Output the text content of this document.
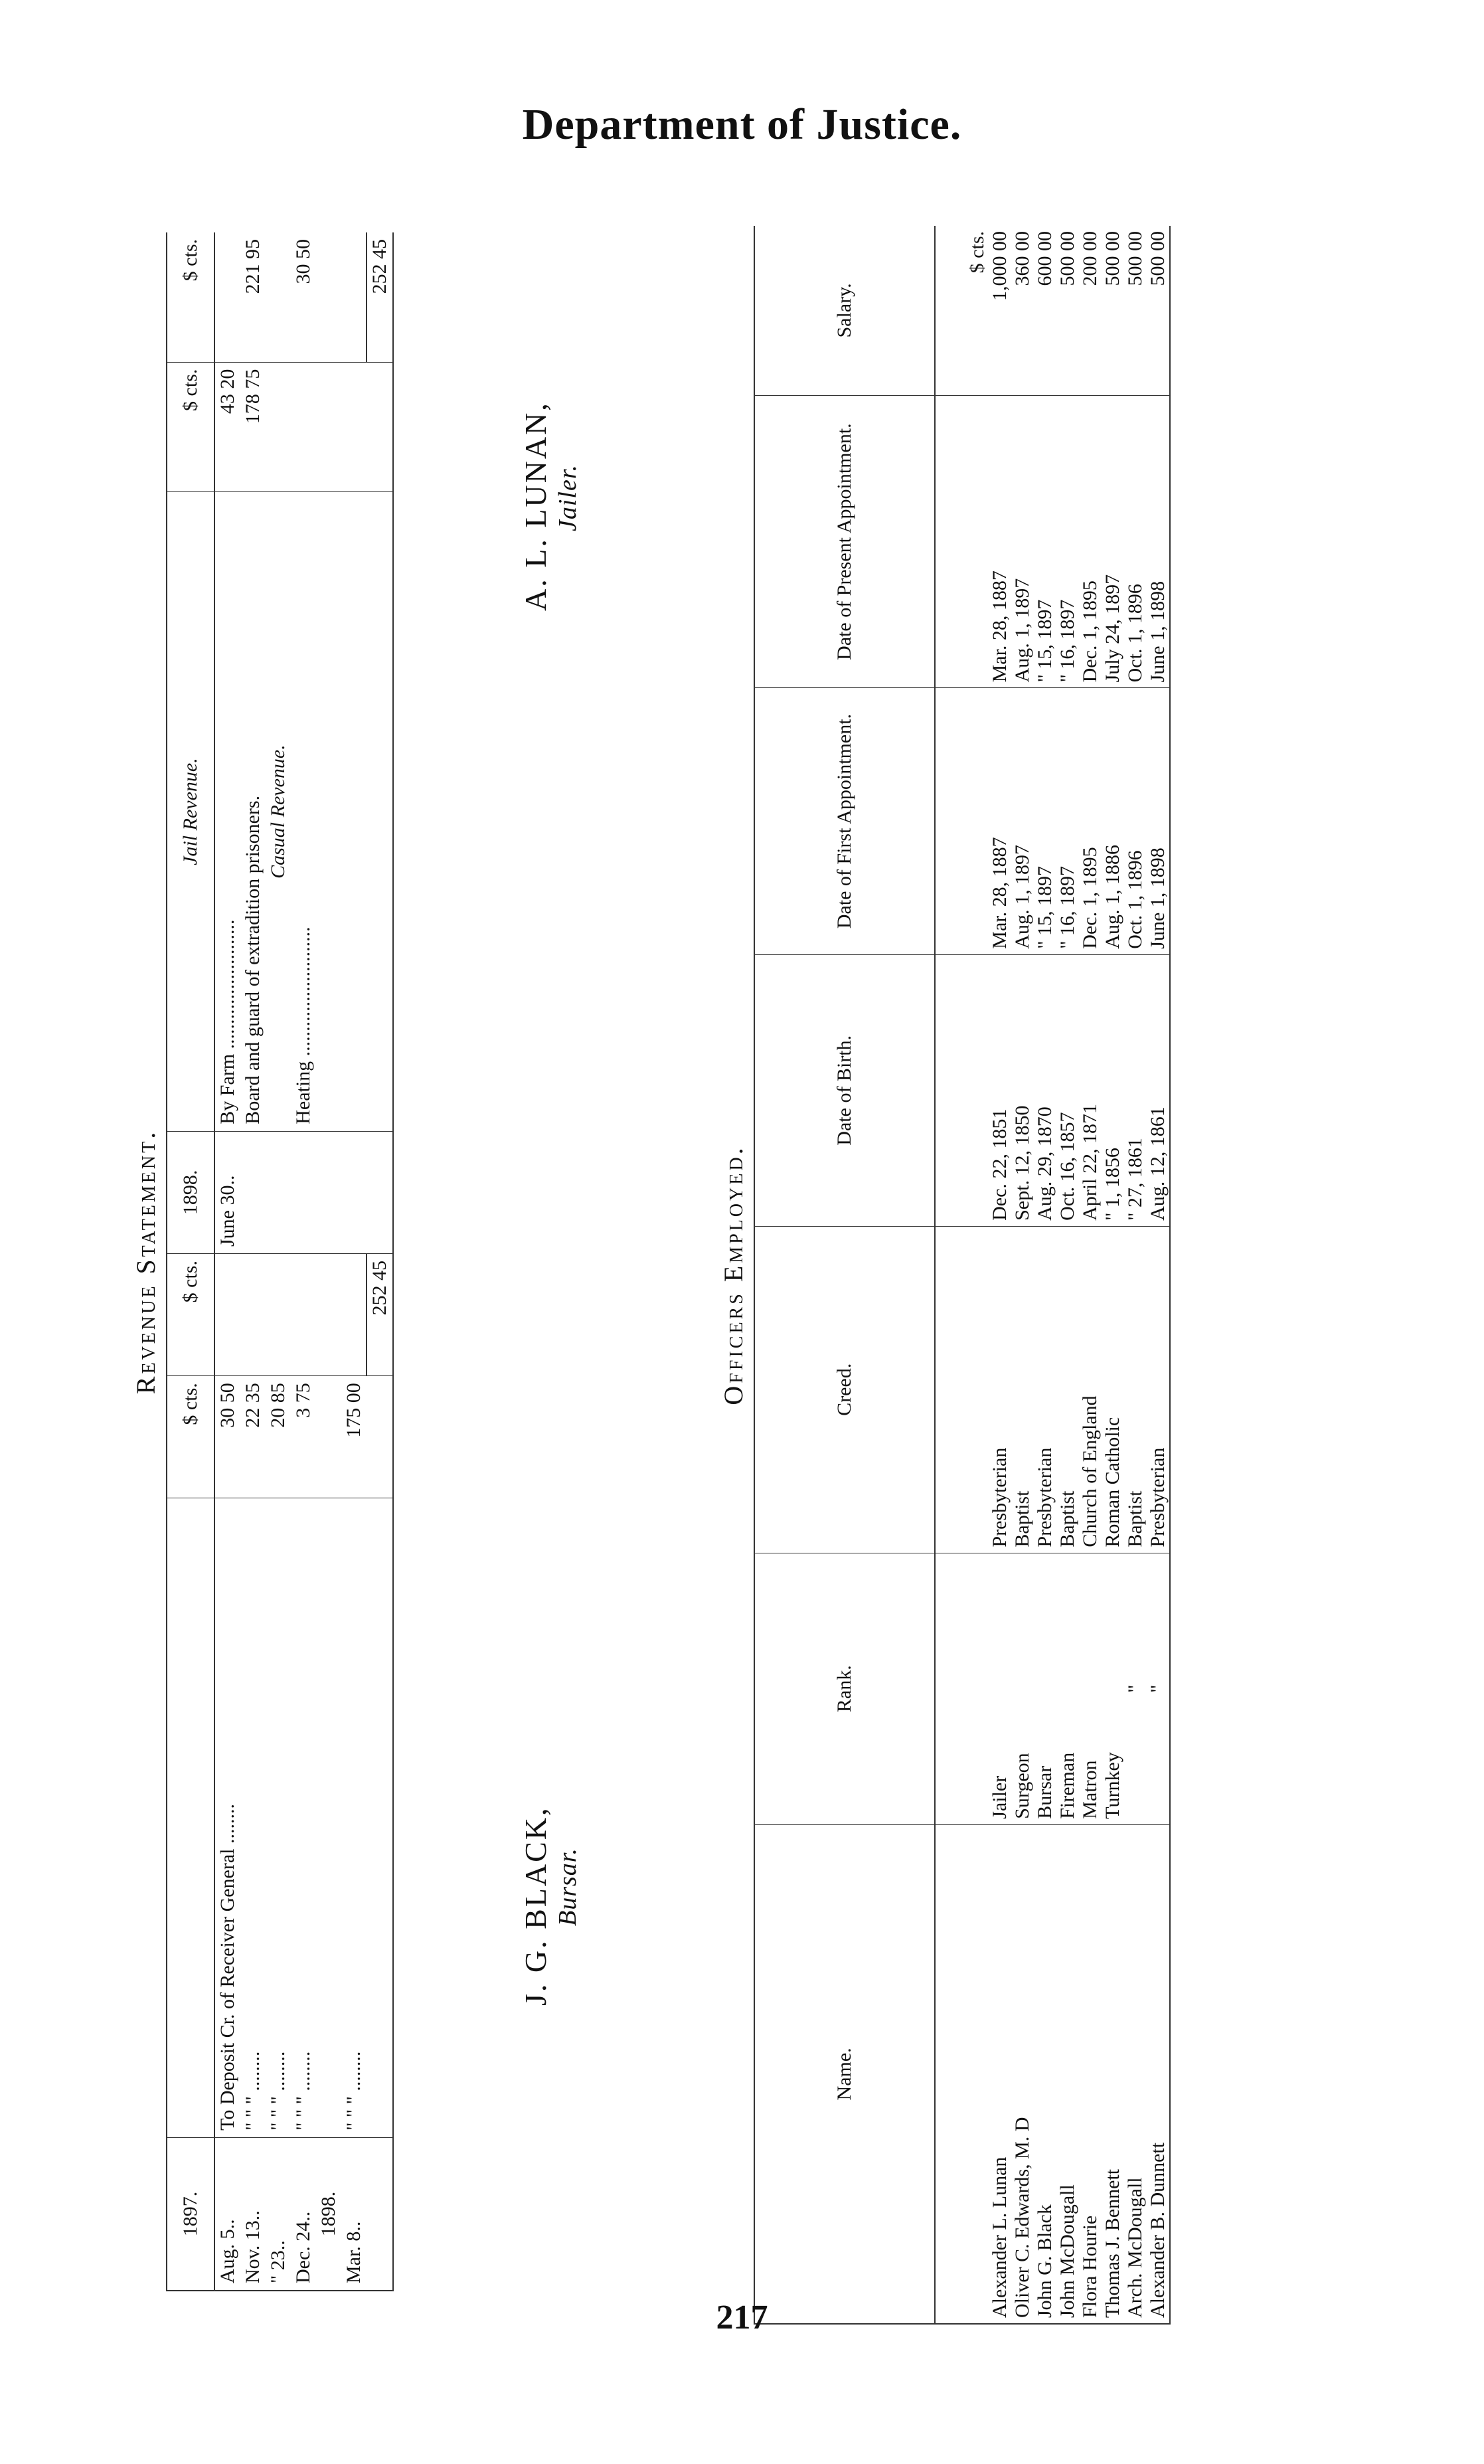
Department of Justice.
Revenue Statement.
1897.		$ cts.	$ cts.	1898.	Jail Revenue.	$ cts.	$ cts.
Aug. 5..	To Deposit Cr. of Receiver General ........	30 50		June 30..	By Farm ..........................	43 20	
Nov. 13..	" " " ........	22 35			Board and guard of extradition prisoners.	178 75	221 95
" 23..	" " " ........	20 85			Casual Revenue.		
Dec. 24..	" " " ........	3 75			Heating ..........................		30 50
1898.							
Mar. 8..	" " " ........	175 00					
			252 45				252 45
J. G. BLACK, Bursar.
A. L. LUNAN, Jailer.
Officers Employed.
Name.	Rank.	Creed.	Date of Birth.	Date of First Appointment.	Date of Present Appointment.	Salary.
						$ cts.
Alexander L. Lunan	Jailer	Presbyterian	Dec. 22, 1851	Mar. 28, 1887	Mar. 28, 1887	1,000 00
Oliver C. Edwards, M. D	Surgeon	Baptist	Sept. 12, 1850	Aug. 1, 1897	Aug. 1, 1897	360 00
John G. Black	Bursar	Presbyterian	Aug. 29, 1870	" 15, 1897	" 15, 1897	600 00
John McDougall	Fireman	Baptist	Oct. 16, 1857	" 16, 1897	" 16, 1897	500 00
Flora Hourie	Matron	Church of England	April 22, 1871	Dec. 1, 1895	Dec. 1, 1895	200 00
Thomas J. Bennett	Turnkey	Roman Catholic	" 1, 1856	Aug. 1, 1886	July 24, 1897	500 00
Arch. McDougall	"	Baptist	" 27, 1861	Oct. 1, 1896	Oct. 1, 1896	500 00
Alexander B. Dunnett	"	Presbyterian	Aug. 12, 1861	June 1, 1898	June 1, 1898	500 00
217
